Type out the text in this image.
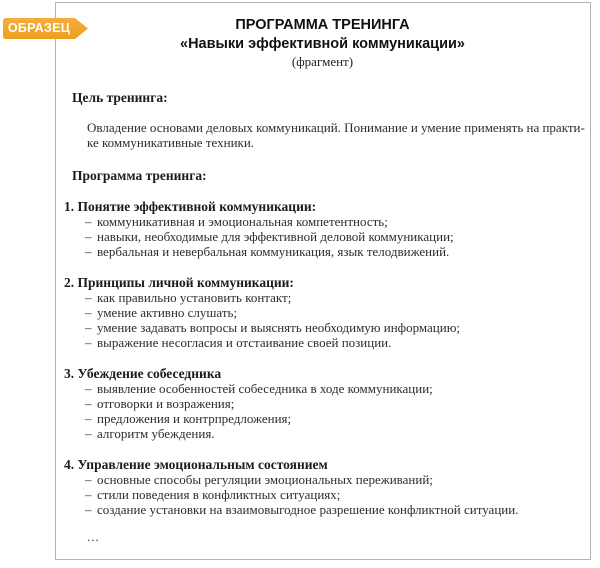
ОБРАЗЕЦ	ПРОГРАММА ТРЕНИНГА
«Навыки эффективной коммуникации»
(фрагмент)
Цель тренинга:
Овладение основами деловых коммуникаций. Понимание и умение применять на практи-
ке коммуникативные техники.
Программа тренинга:
1. Понятие эффективной коммуникации:
– коммуникативная и эмоциональная компетентность;
– навыки, необходимые для эффективной деловой коммуникации;
– вербальная и невербальная коммуникация, язык телодвижений.
2. Принципы личной коммуникации:
– как правильно установить контакт;
– умение активно слушать;
– умение задавать вопросы и выяснять необходимую информацию;
– выражение несогласия и отстаивание своей позиции.
3. Убеждение собеседника
– выявление особенностей собеседника в ходе коммуникации;
– отговорки и возражения;
– предложения и контрпредложения;
– алгоритм убеждения.
4. Управление эмоциональным состоянием
– основные способы регуляции эмоциональных переживаний;
– стили поведения в конфликтных ситуациях;
– создание установки на взаимовыгодное разрешение конфликтной ситуации.
...
